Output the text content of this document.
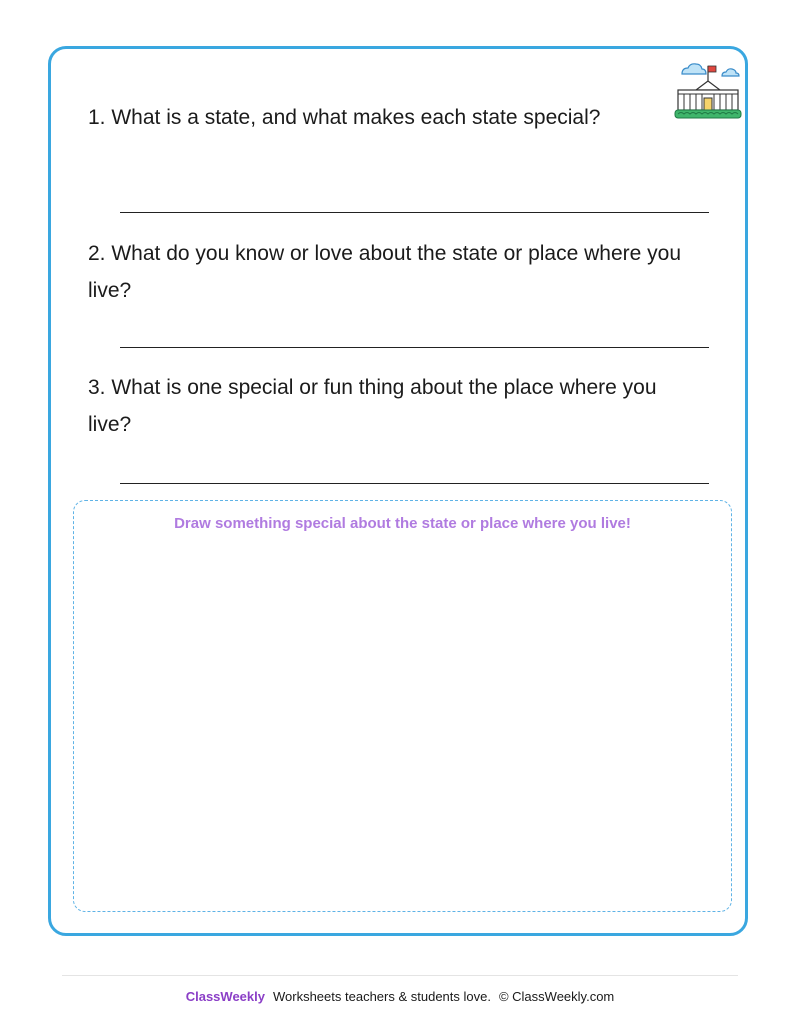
1. What is a state, and what makes each state special?
2. What do you know or love about the state or place where you live?
3. What is one special or fun thing about the place where you live?
Draw something special about the state or place where you live!
ClassWeekly Worksheets teachers & students love. © ClassWeekly.com
